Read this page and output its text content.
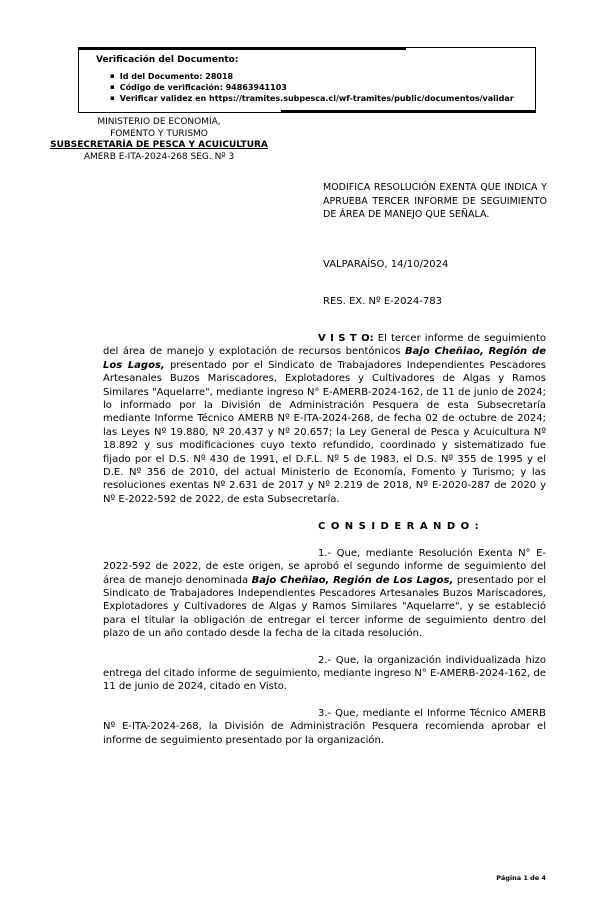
Verificación del Documento:
▪ Id del Documento: 28018
▪ Código de verificación: 94863941103
▪ Verificar validez en https://tramites.subpesca.cl/wf-tramites/public/documentos/validar
MINISTERIO DE ECONOMÍA,
FOMENTO Y TURISMO
SUBSECRETARÍA DE PESCA Y ACUICULTURA
AMERB E-ITA-2024-268 SEG. Nº 3
MODIFICA RESOLUCIÓN EXENTA QUE INDICA Y APRUEBA TERCER INFORME DE SEGUIMIENTO DE ÁREA DE MANEJO QUE SEÑALA.
VALPARAÍSO, 14/10/2024
RES. EX. Nº E-2024-783

V I S T O: El tercer informe de seguimiento del área de manejo y explotación de recursos bentónicos Bajo Cheñiao, Región de Los Lagos, presentado por el Sindicato de Trabajadores Independientes Pescadores Artesanales Buzos Mariscadores, Explotadores y Cultivadores de Algas y Ramos Similares "Aquelarre", mediante ingreso N° E-AMERB-2024-162, de 11 de junio de 2024; lo informado por la División de Administración Pesquera de esta Subsecretaría mediante Informe Técnico AMERB Nº E-ITA-2024-268, de fecha 02 de octubre de 2024; las Leyes Nº 19.880, Nº 20.437 y Nº 20.657; la Ley General de Pesca y Acuicultura Nº 18.892 y sus modificaciones cuyo texto refundido, coordinado y sistematizado fue fijado por el D.S. Nº 430 de 1991, el D.F.L. Nº 5 de 1983, el D.S. Nº 355 de 1995 y el D.E. Nº 356 de 2010, del actual Ministerio de Economía, Fomento y Turismo; y las resoluciones exentas Nº 2.631 de 2017 y Nº 2.219 de 2018, Nº E-2020-287 de 2020 y Nº E-2022-592 de 2022, de esta Subsecretaría.

C O N S I D E R A N D O :

1.- Que, mediante Resolución Exenta N° E-2022-592 de 2022, de este origen, se aprobó el segundo informe de seguimiento del área de manejo denominada Bajo Cheñiao, Región de Los Lagos, presentado por el Sindicato de Trabajadores Independientes Pescadores Artesanales Buzos Mariscadores, Explotadores y Cultivadores de Algas y Ramos Similares "Aquelarre", y se estableció para el titular la obligación de entregar el tercer informe de seguimiento dentro del plazo de un año contado desde la fecha de la citada resolución.

2.- Que, la organización individualizada hizo entrega del citado informe de seguimiento, mediante ingreso N° E-AMERB-2024-162, de 11 de junio de 2024, citado en Visto.

3.- Que, mediante el Informe Técnico AMERB Nº E-ITA-2024-268, la División de Administración Pesquera recomienda aprobar el informe de seguimiento presentado por la organización.

Página 1 de 4
